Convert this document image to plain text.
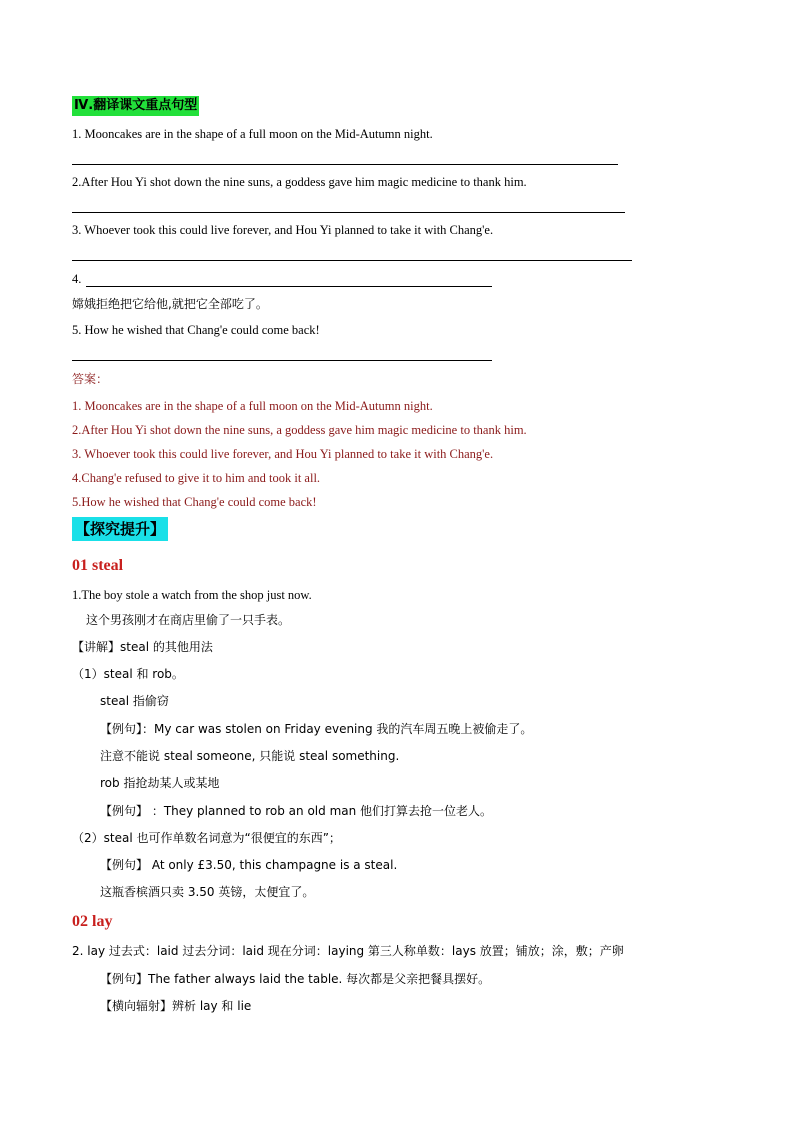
Ⅳ.翻译课文重点句型
1. Mooncakes are in the shape of a full moon on the Mid-Autumn night.
2.After Hou Yi shot down the nine suns, a goddess gave him magic medicine to thank him.
3. Whoever took this could live forever, and Hou Yi planned to take it with Chang'e.
4.
嫦娥拒绝把它给他,就把它全部吃了。
5. How he wished that Chang'e could come back!
答案：
1. Mooncakes are in the shape of a full moon on the Mid-Autumn night.
2.After Hou Yi shot down the nine suns, a goddess gave him magic medicine to thank him.
3. Whoever took this could live forever, and Hou Yi planned to take it with Chang'e.
4.Chang'e refused to give it to him and took it all.
5.How he wished that Chang'e could come back!
【探究提升】
01 steal
1.The boy stole a watch from the shop just now.
这个男孩刚才在商店里偷了一只手表。
【讲解】steal 的其他用法
（1）steal 和 rob。
steal 指偷窃
【例句】：My car was stolen on Friday evening 我的汽车周五晚上被偷走了。
注意不能说 steal someone, 只能说 steal something.
rob 指抢劫某人或某地
【例句】 ：They planned to rob an old man 他们打算去抢一位老人。
（2）steal 也可作单数名词意为“很便宜的东西”；
【例句】 At only £3.50, this champagne is a steal.
这瓶香槟酒只卖 3.50 英镑，太便宜了。
02 lay
2. lay 过去式：laid 过去分词：laid 现在分词：laying 第三人称单数：lays 放置；铺放；涂，敷；产卵
【例句】The father always laid the table. 每次都是父亲把餐具摆好。
【横向辐射】辨析 lay 和 lie
